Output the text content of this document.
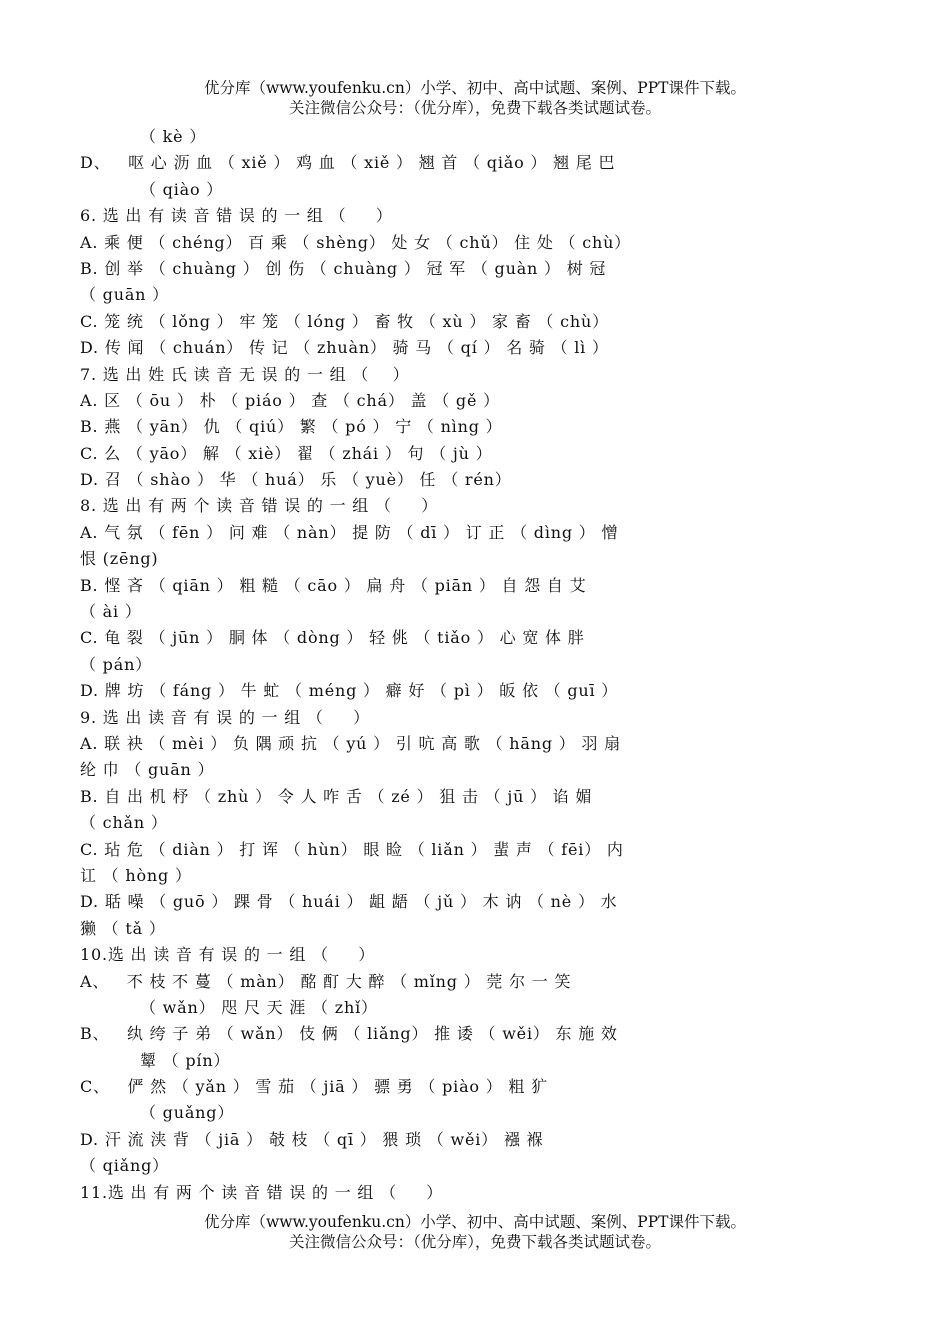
优分库（www.youfenku.cn）小学、初中、高中试题、案例、PPT课件下载。
关注微信公众号：（优分库），免费下载各类试题试卷。
（ kè ）
D、   呕 心 沥 血 （ xiě ） 鸡 血 （ xiě ） 翘 首 （ qiǎo ） 翘 尾 巴
（ qiào ）
6. 选 出 有 读 音 错 误 的 一 组 （     ）
A. 乘 便 （ chéng） 百 乘 （ shèng） 处 女 （ chǔ） 住 处 （ chù）
B. 创 举 （ chuàng ） 创 伤 （ chuàng ） 冠 军 （ guàn ） 树 冠
（ guān ）
C. 笼 统 （ lǒng ） 牢 笼 （ lóng ） 畜 牧 （ xù ） 家 畜 （ chù）
D. 传 闻 （ chuán） 传 记 （ zhuàn） 骑 马 （ qí ） 名 骑 （ lì ）
7. 选 出 姓 氏 读 音 无 误 的 一 组 （    ）
A. 区 （ ōu ） 朴 （ piáo ） 查 （ chá） 盖 （ gě ）
B. 燕 （ yān） 仇 （ qiú） 繁 （ pó ） 宁 （ nìng ）
C. 么 （ yāo） 解 （ xiè） 翟 （ zhái ） 句 （ jù ）
D. 召 （ shào ） 华 （ huá） 乐 （ yuè） 任 （ rén）
8. 选 出 有 两 个 读 音 错 误 的 一 组 （     ）
A. 气 氛 （ fēn ） 问 难 （ nàn） 提 防 （ dī ） 订 正 （ dìng ） 憎
恨 (zēng)
B. 悭 吝 （ qiān ） 粗 糙 （ cāo ） 扁 舟 （ piān ） 自 怨 自 艾
（ ài ）
C. 龟 裂 （ jūn ） 胴 体 （ dòng ） 轻 佻 （ tiǎo ） 心 宽 体 胖
（ pán）
D. 牌 坊 （ fáng ） 牛 虻 （ méng ） 癖 好 （ pì ） 皈 依 （ guī ）
9. 选 出 读 音 有 误 的 一 组 （     ）
A. 联 袂 （ mèi ） 负 隅 顽 抗 （ yú ） 引 吭 高 歌 （ hāng ） 羽 扇
纶 巾 （ guān ）
B. 自 出 机 杼 （ zhù ） 令 人 咋 舌 （ zé ） 狙 击 （ jū ） 谄 媚
（ chǎn ）
C. 玷 危 （ diàn ） 打 诨 （ hùn） 眼 睑 （ liǎn ） 蜚 声 （ fēi） 内
讧 （ hòng ）
D. 聒 噪 （ guō ） 踝 骨 （ huái ） 龃 龉 （ jǔ ） 木 讷 （ nè ） 水
獭 （ tǎ ）
10.选 出 读 音 有 误 的 一 组 （     ）
A、   不 枝 不 蔓 （ màn） 酩 酊 大 醉 （ mǐng ） 莞 尔 一 笑
（ wǎn） 咫 尺 天 涯 （ zhǐ）
B、   纨 绔 子 弟 （ wǎn） 伎 俩 （ liǎng） 推 诿 （ wěi） 东 施 效
颦 （ pín）
C、   俨 然 （ yǎn ） 雪 茄 （ jiā ） 骠 勇 （ piào ） 粗 犷
（ guǎng）
D. 汗 流 浃 背 （ jiā ） 攲 枝 （ qī ） 猥 琐 （ wěi） 襁 褓
（ qiǎng）
11.选 出 有 两 个 读 音 错 误 的 一 组 （     ）
优分库（www.youfenku.cn）小学、初中、高中试题、案例、PPT课件下载。
关注微信公众号：（优分库），免费下载各类试题试卷。
